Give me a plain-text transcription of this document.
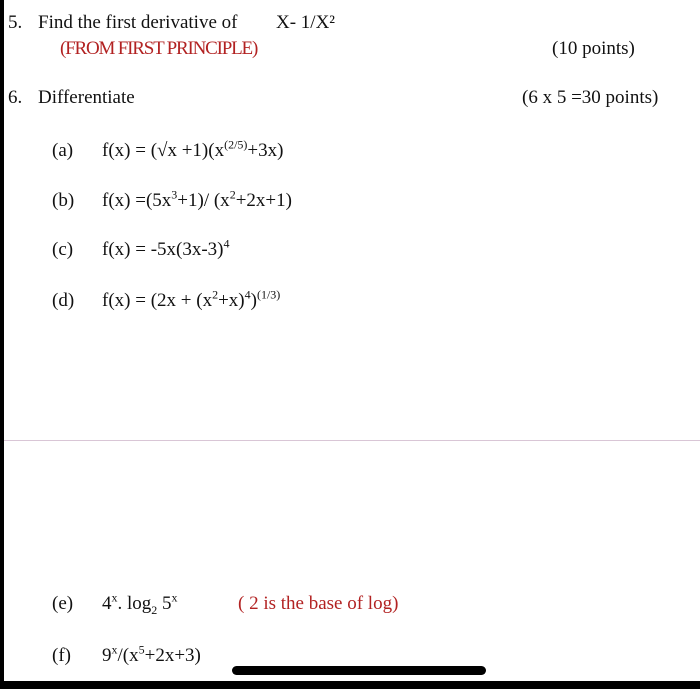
5. Find the first derivative of X- 1/X²
(FROM FIRST PRINCIPLE)	(10 points)
6. Differentiate	(6 x 5 =30 points)
(a) $f(x) = (√x +1)(x^{(2/5)}+3x)$
(b) $f(x) =(5x^3+1)/$ $(x^2+2x+1)$
(c) $f(x) = -5x(3x-3)^4$
(d) $f(x) = (2x + (x^2+x)^4)^{(1/3)}$
(e) 4$^x$. $\log_2 5^x$	( 2 is the base of log)
(f) $9^x/(x^5+2x+3)$
